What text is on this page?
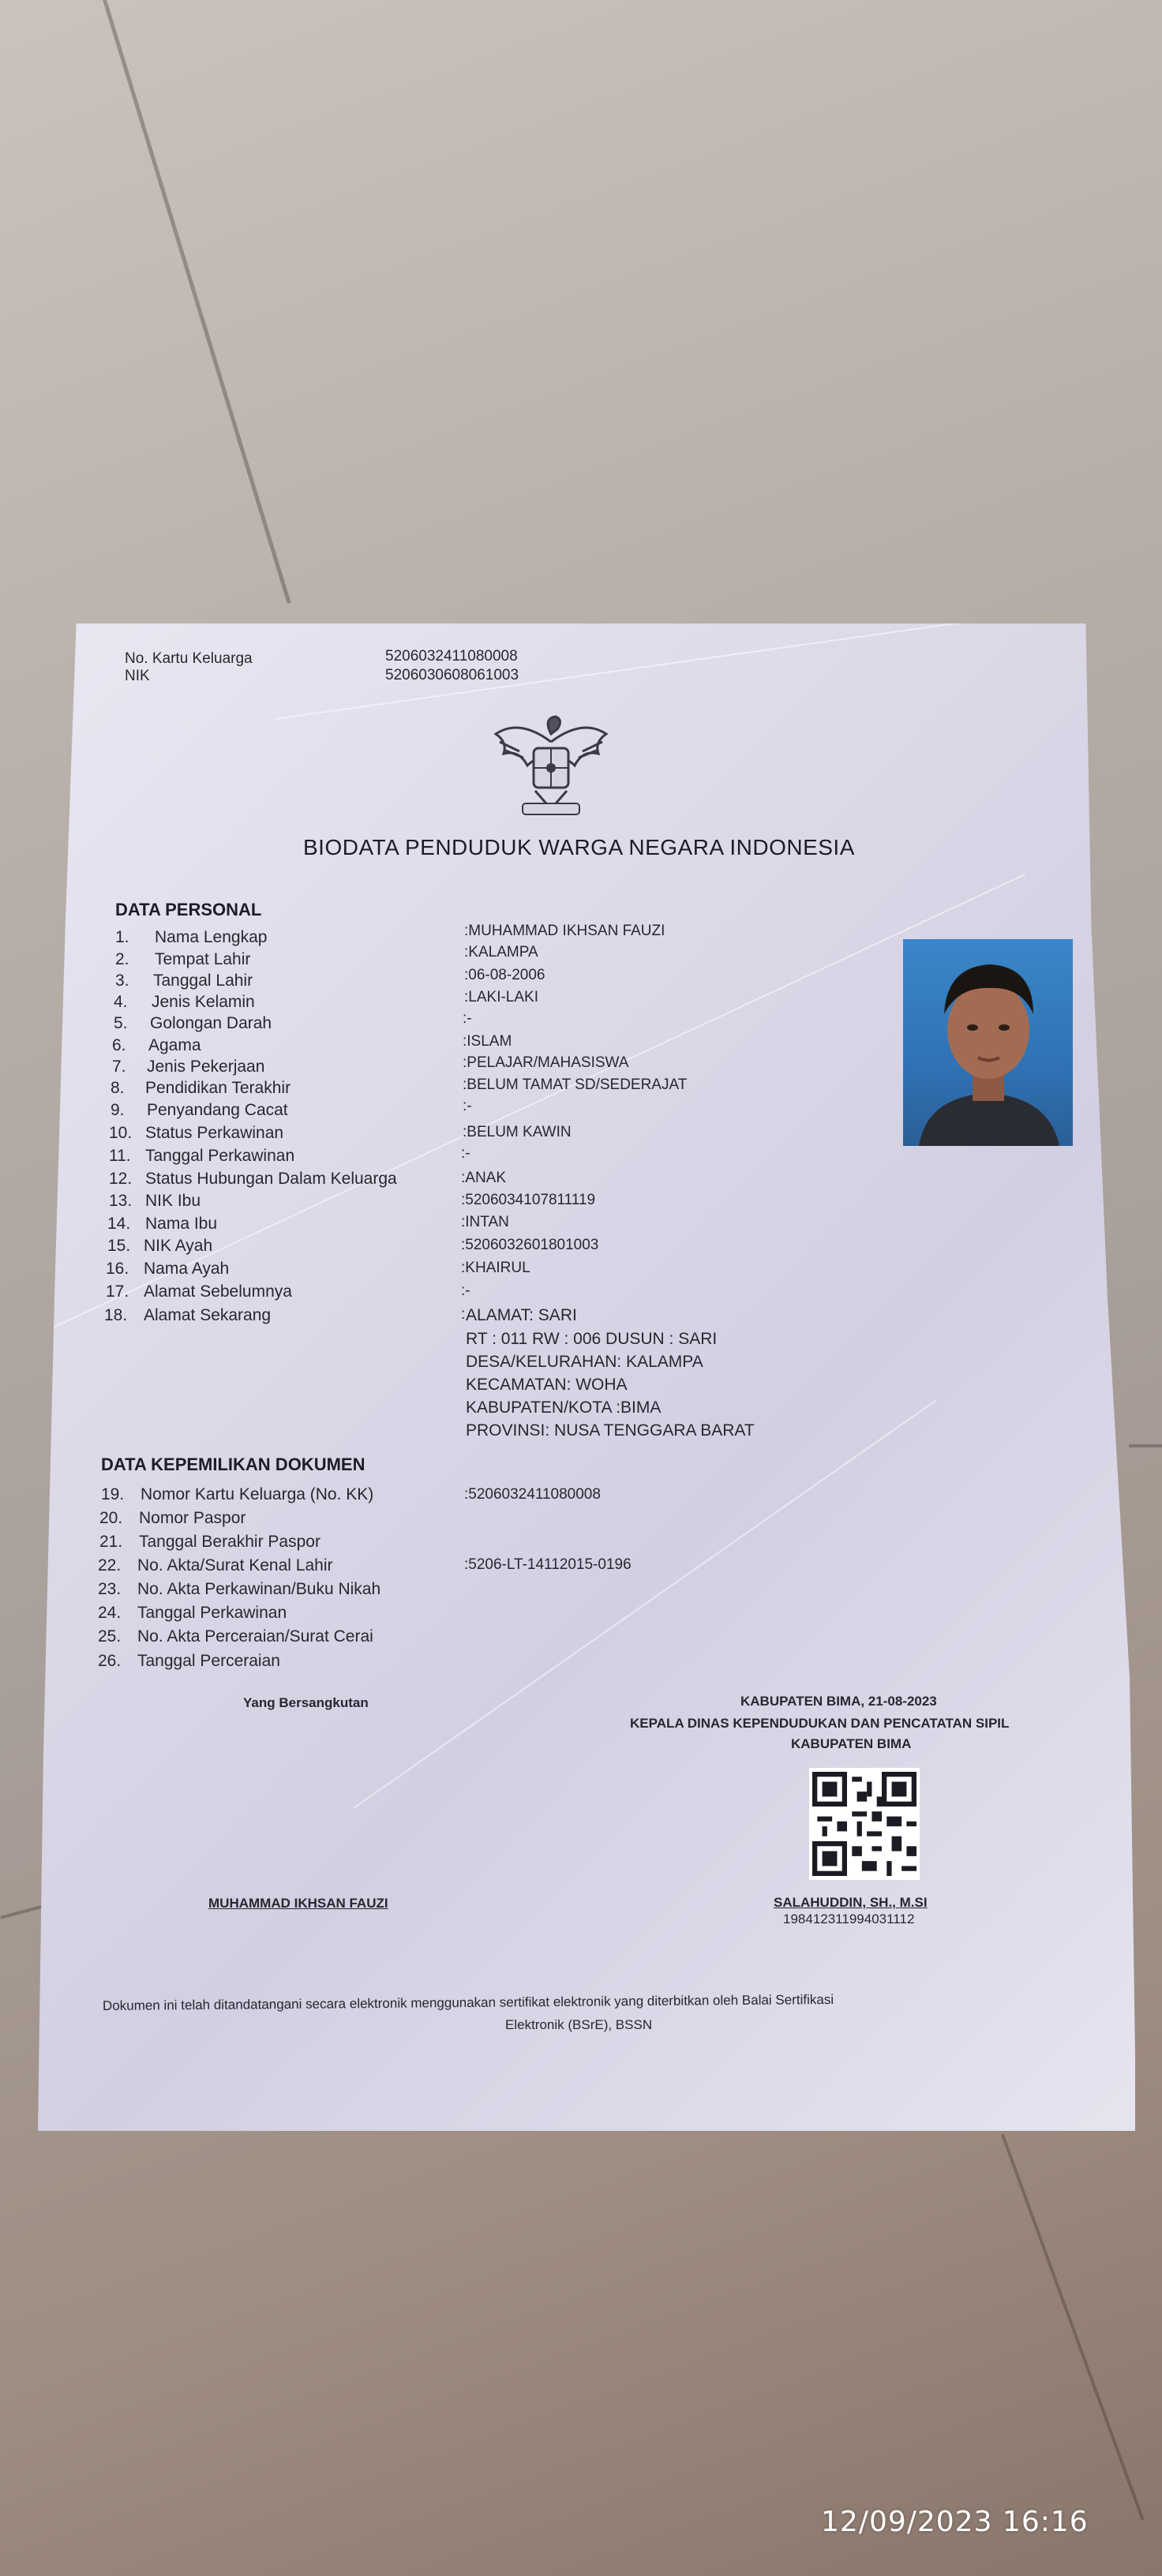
No. Kartu Keluarga	5206032411080008
NIK	5206030608061003
BIODATA PENDUDUK WARGA NEGARA INDONESIA
DATA PERSONAL
1. Nama Lengkap	:MUHAMMAD IKHSAN FAUZI
2. Tempat Lahir	:KALAMPA
3. Tanggal Lahir	:06-08-2006
4. Jenis Kelamin	:LAKI-LAKI
5. Golongan Darah	:-
6. Agama	:ISLAM
7. Jenis Pekerjaan	:PELAJAR/MAHASISWA
8. Pendidikan Terakhir	:BELUM TAMAT SD/SEDERAJAT
9. Penyandang Cacat	:-
10. Status Perkawinan	:BELUM KAWIN
11. Tanggal Perkawinan	:-
12. Status Hubungan Dalam Keluarga	:ANAK
13. NIK Ibu	:5206034107811119
14. Nama Ibu	:INTAN
15. NIK Ayah	:5206032601801003
16. Nama Ayah	:KHAIRUL
17. Alamat Sebelumnya	:-
18. Alamat Sekarang	: ALAMAT: SARI
RT : 011 RW : 006 DUSUN : SARI
DESA/KELURAHAN: KALAMPA
KECAMATAN: WOHA
KABUPATEN/KOTA :BIMA
PROVINSI: NUSA TENGGARA BARAT
DATA KEPEMILIKAN DOKUMEN
19. Nomor Kartu Keluarga (No. KK)	:5206032411080008
20. Nomor Paspor
21. Tanggal Berakhir Paspor
22. No. Akta/Surat Kenal Lahir	:5206-LT-14112015-0196
23. No. Akta Perkawinan/Buku Nikah
24. Tanggal Perkawinan
25. No. Akta Perceraian/Surat Cerai
26. Tanggal Perceraian
Yang Bersangkutan
MUHAMMAD IKHSAN FAUZI
KABUPATEN BIMA, 21-08-2023
KEPALA DINAS KEPENDUDUKAN DAN PENCATATAN SIPIL
KABUPATEN BIMA
SALAHUDDIN, SH., M.SI
198412311994031112
Dokumen ini telah ditandatangani secara elektronik menggunakan sertifikat elektronik yang diterbitkan oleh Balai Sertifikasi
Elektronik (BSrE), BSSN
12/09/2023 16:16
